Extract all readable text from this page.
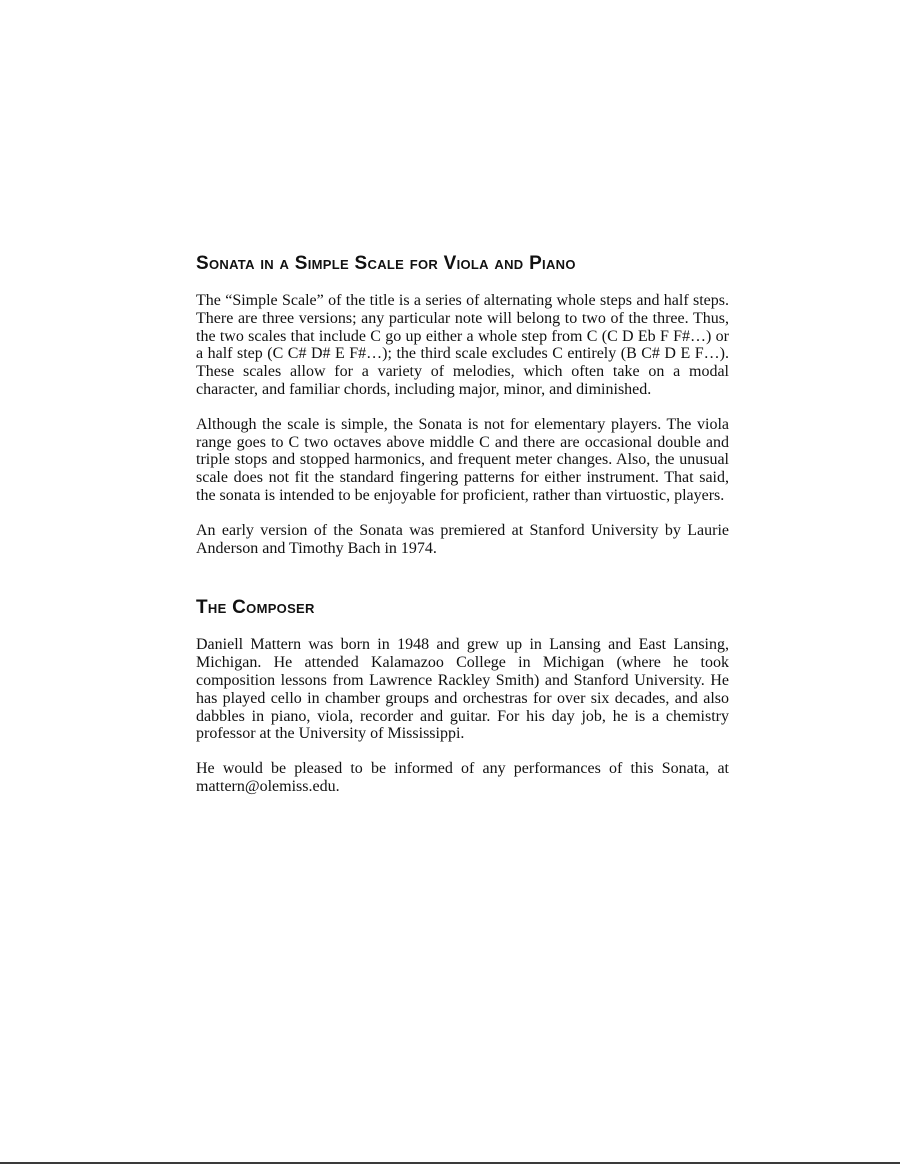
Sonata in a Simple Scale for Viola and Piano

The “Simple Scale” of the title is a series of alternating whole steps and half steps. There are three versions; any particular note will belong to two of the three. Thus, the two scales that include C go up either a whole step from C (C D Eb F F#…) or a half step (C C# D# E F#…); the third scale excludes C entirely (B C# D E F…). These scales allow for a variety of melodies, which often take on a modal character, and familiar chords, including major, minor, and diminished.

Although the scale is simple, the Sonata is not for elementary players. The viola range goes to C two octaves above middle C and there are occasional double and triple stops and stopped harmonics, and frequent meter changes. Also, the unusual scale does not fit the standard fingering patterns for either instrument. That said, the sonata is intended to be enjoyable for proficient, rather than virtuostic, players.

An early version of the Sonata was premiered at Stanford University by Laurie Anderson and Timothy Bach in 1974.

The Composer

Daniell Mattern was born in 1948 and grew up in Lansing and East Lansing, Michigan. He attended Kalamazoo College in Michigan (where he took composition lessons from Lawrence Rackley Smith) and Stanford University. He has played cello in chamber groups and orchestras for over six decades, and also dabbles in piano, viola, recorder and guitar. For his day job, he is a chemistry professor at the University of Mississippi.

He would be pleased to be informed of any performances of this Sonata, at mattern@olemiss.edu.
